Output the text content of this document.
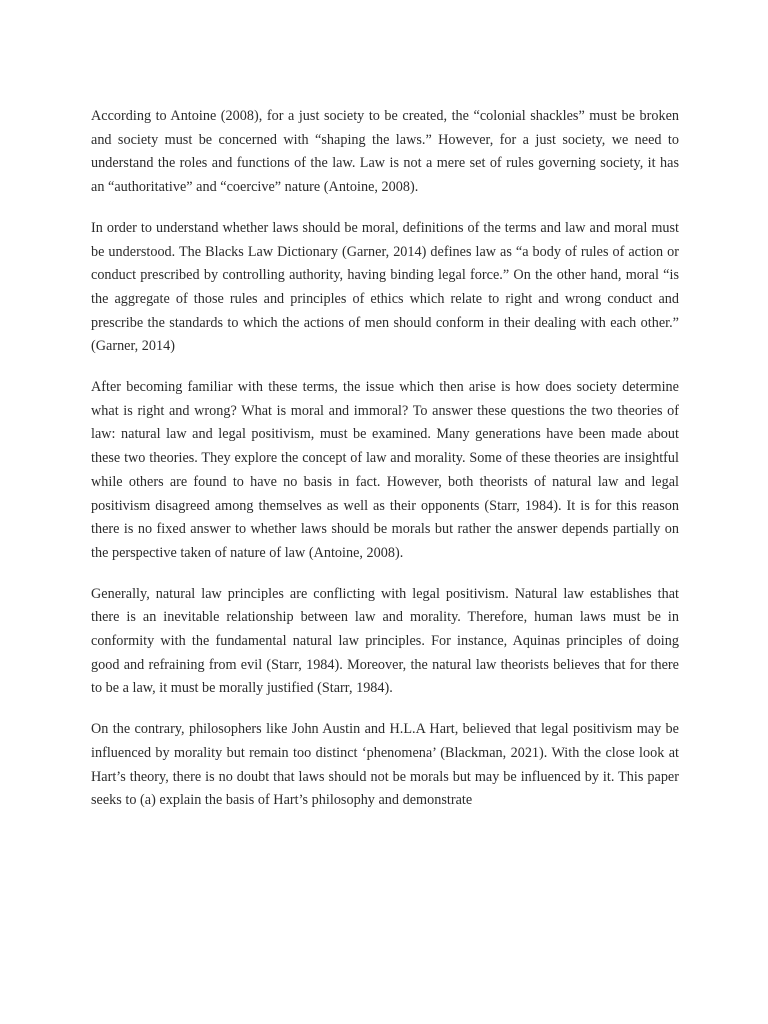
According to Antoine (2008), for a just society to be created, the “colonial shackles” must be broken and society must be concerned with “shaping the laws.” However, for a just society, we need to understand the roles and functions of the law. Law is not a mere set of rules governing society, it has an “authoritative” and “coercive” nature (Antoine, 2008).

In order to understand whether laws should be moral, definitions of the terms and law and moral must be understood. The Blacks Law Dictionary (Garner, 2014) defines law as “a body of rules of action or conduct prescribed by controlling authority, having binding legal force.” On the other hand, moral “is the aggregate of those rules and principles of ethics which relate to right and wrong conduct and prescribe the standards to which the actions of men should conform in their dealing with each other.” (Garner, 2014)

After becoming familiar with these terms, the issue which then arise is how does society determine what is right and wrong? What is moral and immoral? To answer these questions the two theories of law: natural law and legal positivism, must be examined. Many generations have been made about these two theories. They explore the concept of law and morality. Some of these theories are insightful while others are found to have no basis in fact. However, both theorists of natural law and legal positivism disagreed among themselves as well as their opponents (Starr, 1984). It is for this reason there is no fixed answer to whether laws should be morals but rather the answer depends partially on the perspective taken of nature of law (Antoine, 2008).

Generally, natural law principles are conflicting with legal positivism. Natural law establishes that there is an inevitable relationship between law and morality. Therefore, human laws must be in conformity with the fundamental natural law principles. For instance, Aquinas principles of doing good and refraining from evil (Starr, 1984). Moreover, the natural law theorists believes that for there to be a law, it must be morally justified (Starr, 1984).

On the contrary, philosophers like John Austin and H.L.A Hart, believed that legal positivism may be influenced by morality but remain too distinct ‘phenomena’ (Blackman, 2021). With the close look at Hart’s theory, there is no doubt that laws should not be morals but may be influenced by it. This paper seeks to (a) explain the basis of Hart’s philosophy and demonstrate
